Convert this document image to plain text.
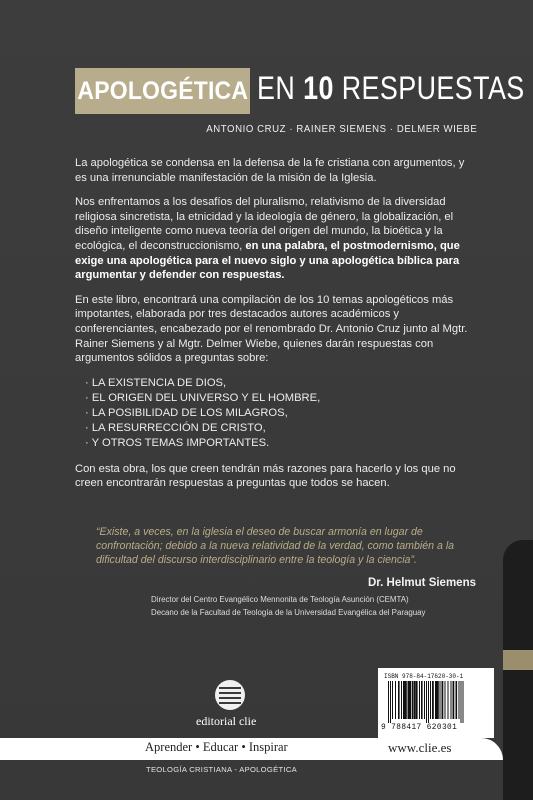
APOLOGÉTICA EN 10 RESPUESTAS
ANTONIO CRUZ · RAINER SIEMENS · DELMER WIEBE

La apologética se condensa en la defensa de la fe cristiana con argumentos, y es una irrenunciable manifestación de la misión de la Iglesia.

Nos enfrentamos a los desafíos del pluralismo, relativismo de la diversidad religiosa sincretista, la etnicidad y la ideología de género, la globalización, el diseño inteligente como nueva teoría del origen del mundo, la bioética y la ecológica, el deconstruccionismo, en una palabra, el postmodernismo, que exige una apologética para el nuevo siglo y una apologética bíblica para argumentar y defender con respuestas.

En este libro, encontrará una compilación de los 10 temas apologéticos más impotantes, elaborada por tres destacados autores académicos y conferenciantes, encabezado por el renombrado Dr. Antonio Cruz junto al Mgtr. Rainer Siemens y al Mgtr. Delmer Wiebe, quienes darán respuestas con argumentos sólidos a preguntas sobre:

· LA EXISTENCIA DE DIOS,
· EL ORIGEN DEL UNIVERSO Y EL HOMBRE,
· LA POSIBILIDAD DE LOS MILAGROS,
· LA RESURRECCIÓN DE CRISTO,
· Y OTROS TEMAS IMPORTANTES.

Con esta obra, los que creen tendrán más razones para hacerlo y los que no creen encontrarán respuestas a preguntas que todos se hacen.

“Existe, a veces, en la iglesia el deseo de buscar armonía en lugar de confrontación; debido a la nueva relatividad de la verdad, como también a la dificultad del discurso interdisciplinario entre la teología y la ciencia”.
Dr. Helmut Siemens
Director del Centro Evangélico Mennonita de Teología Asunción (CEMTA)
Decano de la Facultad de Teología de la Universidad Evangélica del Paraguay
editorial clie
ISBN 978-84-17620-30-1
9 788417 620301
Aprender • Educar • Inspirar	www.clie.es
TEOLOGÍA CRISTIANA - APOLOGÉTICA
